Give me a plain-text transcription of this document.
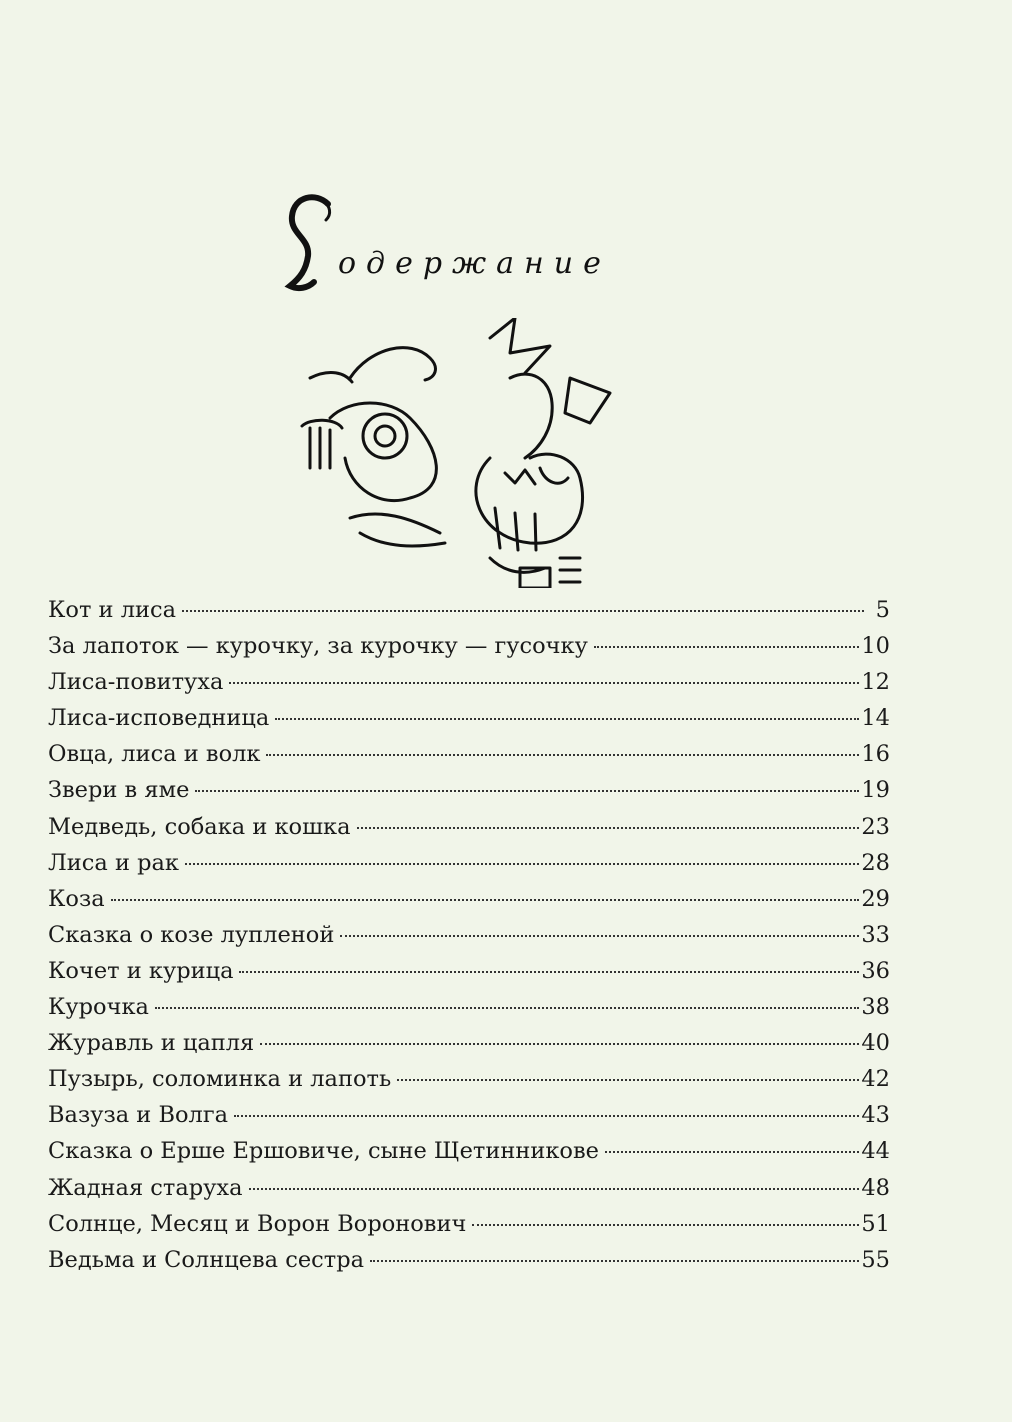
одержание
Кот и лиса	5
За лапоток — курочку, за курочку — гусочку	10
Лиса-повитуха	12
Лиса-исповедница	14
Овца, лиса и волк	16
Звери в яме	19
Медведь, собака и кошка	23
Лиса и рак	28
Коза	29
Сказка о козе лупленой	33
Кочет и курица	36
Курочка	38
Журавль и цапля	40
Пузырь, соломинка и лапоть	42
Вазуза и Волга	43
Сказка о Ерше Ершовиче, сыне Щетинникове	44
Жадная старуха	48
Солнце, Месяц и Ворон Воронович	51
Ведьма и Солнцева сестра	55
